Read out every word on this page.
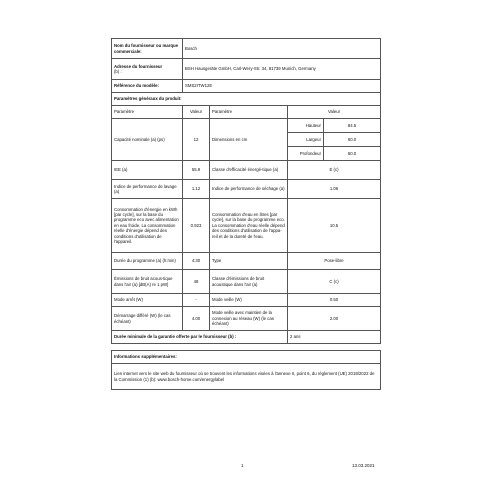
Nom du fournisseur ou marque commerciale:	Bosch			
Adresse du fournisseur
(b) :	BSH Hausgeräte GmbH, Carl-Wery-Str. 34, 81739 Munich, Germany			
Référence du modèle:	SMS2ITW12E			
Paramètres généraux du produit:				
Paramètre	Valeur	Paramètre	Valeur	
Capacité nominale (a) (ps)	12	Dimensions en cm	Hauteur	84.5
			Largeur	60.0
			Profondeur	60.0
IEE (a)	55.9	Classe d'efficacité énergé-tique (a)	E (c)	
Indice de performance de lavage (a)	1.12	Indice de performance de séchage (a)	1.06	
Consommation d'énergie en kWh [par cycle], sur la base du programme eco avec alimentation en eau froide. La consommation réelle d'énergie dépend des conditions d'utilisation de l'appareil.	0.923	Consommation d'eau en litres [par cycle], sur la base du programme eco. La consommation d'eau réelle dépend des conditions d'utilisation de l'appa-reil et de la dureté de l'eau.	10.5	
Durée du programme (a) (h:min)	4:30	Type	Pose-libre	
Émissions de bruit acous-tique dans l'air (a) [dB(A) re 1 pW]	48	Classe d'émissions de bruit acoustique dans l'air (a)	C (c)	
Mode arrêt (W)	-	Mode veille (W)	0.50	
Démarrage différé (W) (le cas échéant)	4.00	Mode veille avec maintien de la connexion au réseau (W) (le cas échéant)	2.00	
Durée minimale de la garantie offerte par le fournisseur (b) :			2 ans	

Informations supplémentaires:				
Lien internet vers le site web du fournisseur où se trouvent les informations visées à l'annexe II, point 6, du règlement (UE) 2019/2022 de la Commission (1) (b): www.bosch-home.com/energylabel				
1	13.03.2021
